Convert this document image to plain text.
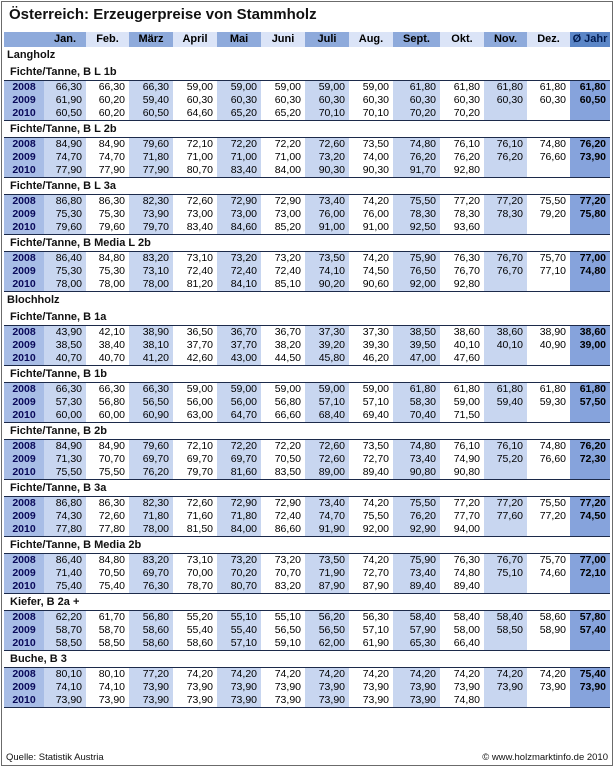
Österreich: Erzeugerpreise von Stammholz
	Jan.	Feb.	März	April	Mai	Juni	Juli	Aug.	Sept.	Okt.	Nov.	Dez.	Ø Jahr
Langholz													
Fichte/Tanne, B L 1b													
2008	66,30	66,30	66,30	59,00	59,00	59,00	59,00	59,00	61,80	61,80	61,80	61,80	61,80
2009	61,90	60,20	59,40	60,30	60,30	60,30	60,30	60,30	60,30	60,30	60,30	60,30	60,50
2010	60,50	60,20	60,50	64,60	65,20	65,20	70,10	70,10	70,20	70,20			
Fichte/Tanne, B L 2b													
2008	84,90	84,90	79,60	72,10	72,20	72,20	72,60	73,50	74,80	76,10	76,10	74,80	76,20
2009	74,70	74,70	71,80	71,00	71,00	71,00	73,20	74,00	76,20	76,20	76,20	76,60	73,90
2010	77,90	77,90	77,90	80,70	83,40	84,00	90,30	90,30	91,70	92,80			
Fichte/Tanne, B L 3a													
2008	86,80	86,30	82,30	72,60	72,90	72,90	73,40	74,20	75,50	77,20	77,20	75,50	77,20
2009	75,30	75,30	73,90	73,00	73,00	73,00	76,00	76,00	78,30	78,30	78,30	79,20	75,80
2010	79,60	79,60	79,70	83,40	84,60	85,20	91,00	91,00	92,50	93,60			
Fichte/Tanne, B Media L 2b													
2008	86,40	84,80	83,20	73,10	73,20	73,20	73,50	74,20	75,90	76,30	76,70	75,70	77,00
2009	75,30	75,30	73,10	72,40	72,40	72,40	74,10	74,50	76,50	76,70	76,70	77,10	74,80
2010	78,00	78,00	78,00	81,20	84,10	85,10	90,20	90,60	92,00	92,80			
Blochholz													
Fichte/Tanne, B 1a													
2008	43,90	42,10	38,90	36,50	36,70	36,70	37,30	37,30	38,50	38,60	38,60	38,90	38,60
2009	38,50	38,40	38,10	37,70	37,70	38,20	39,20	39,30	39,50	40,10	40,10	40,90	39,00
2010	40,70	40,70	41,20	42,60	43,00	44,50	45,80	46,20	47,00	47,60			
Fichte/Tanne, B 1b													
2008	66,30	66,30	66,30	59,00	59,00	59,00	59,00	59,00	61,80	61,80	61,80	61,80	61,80
2009	57,30	56,80	56,50	56,00	56,00	56,80	57,10	57,10	58,30	59,00	59,40	59,30	57,50
2010	60,00	60,00	60,90	63,00	64,70	66,60	68,40	69,40	70,40	71,50			
Fichte/Tanne, B 2b													
2008	84,90	84,90	79,60	72,10	72,20	72,20	72,60	73,50	74,80	76,10	76,10	74,80	76,20
2009	71,30	70,70	69,70	69,70	69,70	70,50	72,60	72,70	73,40	74,90	75,20	76,60	72,30
2010	75,50	75,50	76,20	79,70	81,60	83,50	89,00	89,40	90,80	90,80			
Fichte/Tanne, B 3a													
2008	86,80	86,30	82,30	72,60	72,90	72,90	73,40	74,20	75,50	77,20	77,20	75,50	77,20
2009	74,30	72,60	71,80	71,60	71,80	72,40	74,70	75,50	76,20	77,70	77,60	77,20	74,50
2010	77,80	77,80	78,00	81,50	84,00	86,60	91,90	92,00	92,90	94,00			
Fichte/Tanne, B Media 2b													
2008	86,40	84,80	83,20	73,10	73,20	73,20	73,50	74,20	75,90	76,30	76,70	75,70	77,00
2009	71,40	70,50	69,70	70,00	70,20	70,70	71,90	72,70	73,40	74,80	75,10	74,60	72,10
2010	75,40	75,40	76,30	78,70	80,70	83,20	87,90	87,90	89,40	89,40			
Kiefer, B 2a +													
2008	62,20	61,70	56,80	55,20	55,10	55,10	56,20	56,30	58,40	58,40	58,40	58,60	57,80
2009	58,70	58,70	58,60	55,40	55,40	56,50	56,50	57,10	57,90	58,00	58,50	58,90	57,40
2010	58,50	58,50	58,60	58,60	57,10	59,10	62,00	61,90	65,30	66,40			
Buche, B 3													
2008	80,10	80,10	77,20	74,20	74,20	74,20	74,20	74,20	74,20	74,20	74,20	74,20	75,40
2009	74,10	74,10	73,90	73,90	73,90	73,90	73,90	73,90	73,90	73,90	73,90	73,90	73,90
2010	73,90	73,90	73,90	73,90	73,90	73,90	73,90	73,90	73,90	74,80			
Quelle: Statistik Austria	© www.holzmarktinfo.de 2010
